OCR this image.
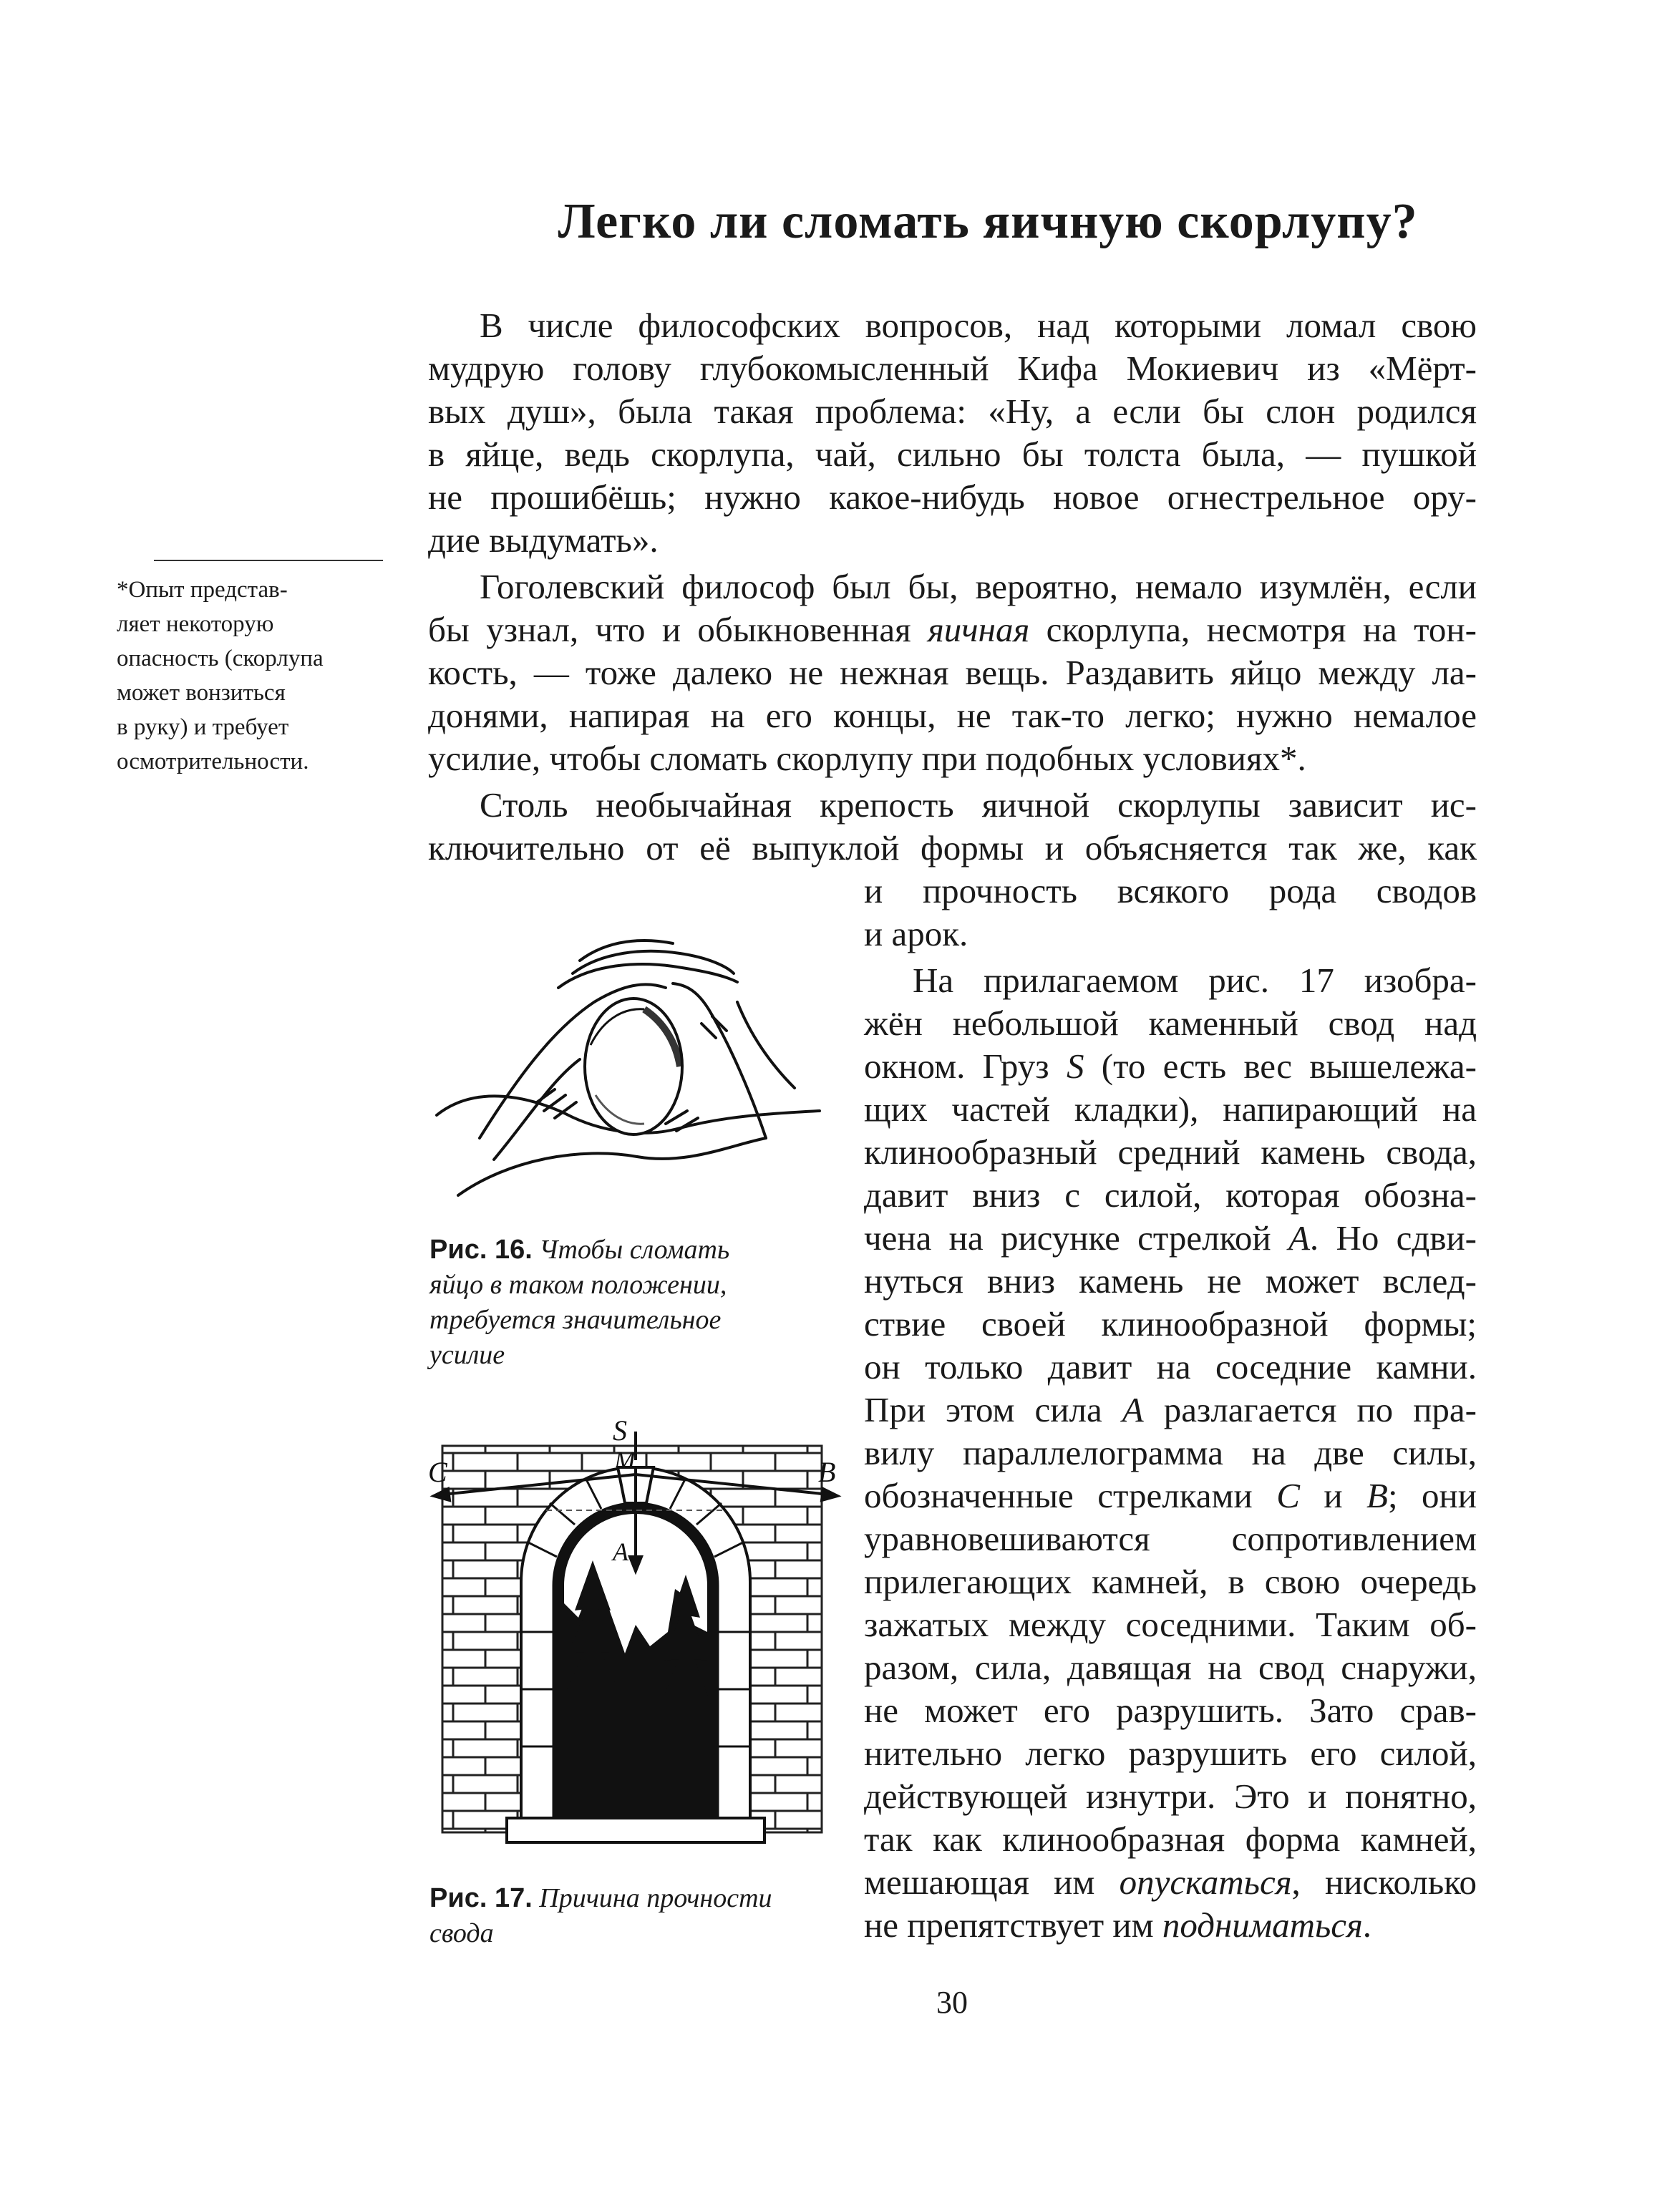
Легко ли сломать яичную скорлупу?
В числе философских вопросов, над которыми ломал свою
мудрую голову глубокомысленный Кифа Мокиевич из «Мёрт-
вых душ», была такая проблема: «Ну, а если бы слон родился
в яйце, ведь скорлупа, чай, сильно бы толста была, — пушкой
не прошибёшь; нужно какое-нибудь новое огнестрельное ору-
дие выдумать».
Гоголевский философ был бы, вероятно, немало изумлён, если
бы узнал, что и обыкновенная яичная скорлупа, несмотря на тон-
кость, — тоже далеко не нежная вещь. Раздавить яйцо между ла-
донями, напирая на его концы, не так-то легко; нужно немалое
усилие, чтобы сломать скорлупу при подобных условиях*.
Столь необычайная крепость яичной скорлупы зависит ис-
ключительно от её выпуклой формы и объясняется так же, как
и прочность всякого рода сводов
и арок.
На прилагаемом рис. 17 изобра-
жён небольшой каменный свод над
окном. Груз S (то есть вес вышележа-
щих частей кладки), напирающий на
клинообразный средний камень свода,
давит вниз с силой, которая обозна-
чена на рисунке стрелкой A. Но сдви-
нуться вниз камень не может вслед-
ствие своей клинообразной формы;
он только давит на соседние камни.
При этом сила A разлагается по пра-
вилу параллелограмма на две силы,
обозначенные стрелками C и B; они
уравновешиваются сопротивлением
прилегающих камней, в свою очередь
зажатых между соседними. Таким об-
разом, сила, давящая на свод снаружи,
не может его разрушить. Зато срав-
нительно легко разрушить его силой,
действующей изнутри. Это и понятно,
так как клинообразная форма камней,
мешающая им опускаться, нисколько
не препятствует им подниматься.
*Опыт представ-
ляет некоторую
опасность (скорлупа
может вонзиться
в руку) и требует
осмотрительности.
Рис. 16. Чтобы сломать
яйцо в таком положении,
требуется значительное
усилие
S
M
A
B
C
Рис. 17. Причина прочности
свода
30
